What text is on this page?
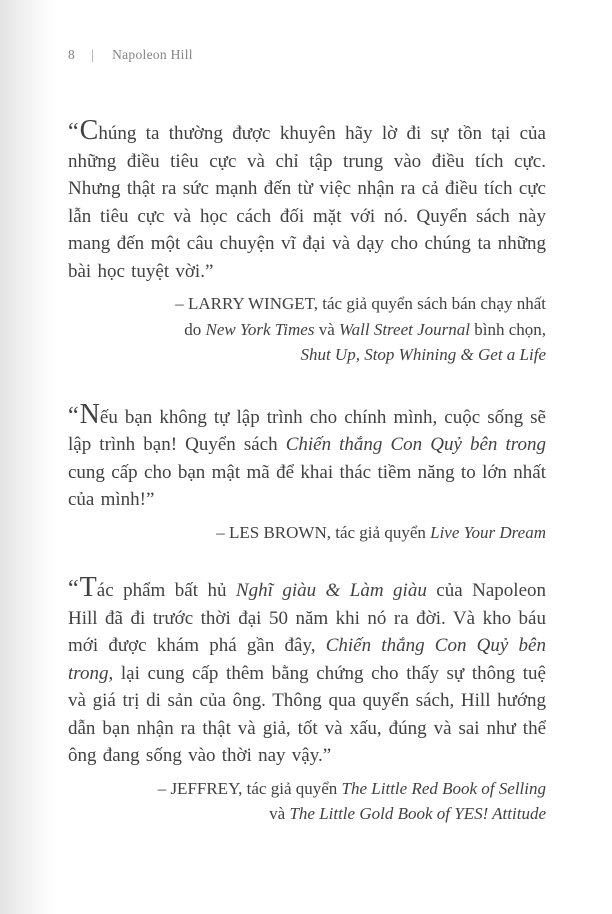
8 | Napoleon Hill

“Chúng ta thường được khuyên hãy lờ đi sự tồn tại của những điều tiêu cực và chỉ tập trung vào điều tích cực. Nhưng thật ra sức mạnh đến từ việc nhận ra cả điều tích cực lẫn tiêu cực và học cách đối mặt với nó. Quyển sách này mang đến một câu chuyện vĩ đại và dạy cho chúng ta những bài học tuyệt vời.”

– LARRY WINGET, tác giả quyển sách bán chạy nhất
do New York Times và Wall Street Journal bình chọn,
Shut Up, Stop Whining & Get a Life

“Nếu bạn không tự lập trình cho chính mình, cuộc sống sẽ lập trình bạn! Quyển sách Chiến thắng Con Quỷ bên trong cung cấp cho bạn mật mã để khai thác tiềm năng to lớn nhất của mình!”

– LES BROWN, tác giả quyển Live Your Dream

“Tác phẩm bất hủ Nghĩ giàu & Làm giàu của Napoleon Hill đã đi trước thời đại 50 năm khi nó ra đời. Và kho báu mới được khám phá gần đây, Chiến thắng Con Quỷ bên trong, lại cung cấp thêm bằng chứng cho thấy sự thông tuệ và giá trị di sản của ông. Thông qua quyển sách, Hill hướng dẫn bạn nhận ra thật và giả, tốt và xấu, đúng và sai như thể ông đang sống vào thời nay vậy.”

– JEFFREY, tác giả quyển The Little Red Book of Selling
và The Little Gold Book of YES! Attitude
